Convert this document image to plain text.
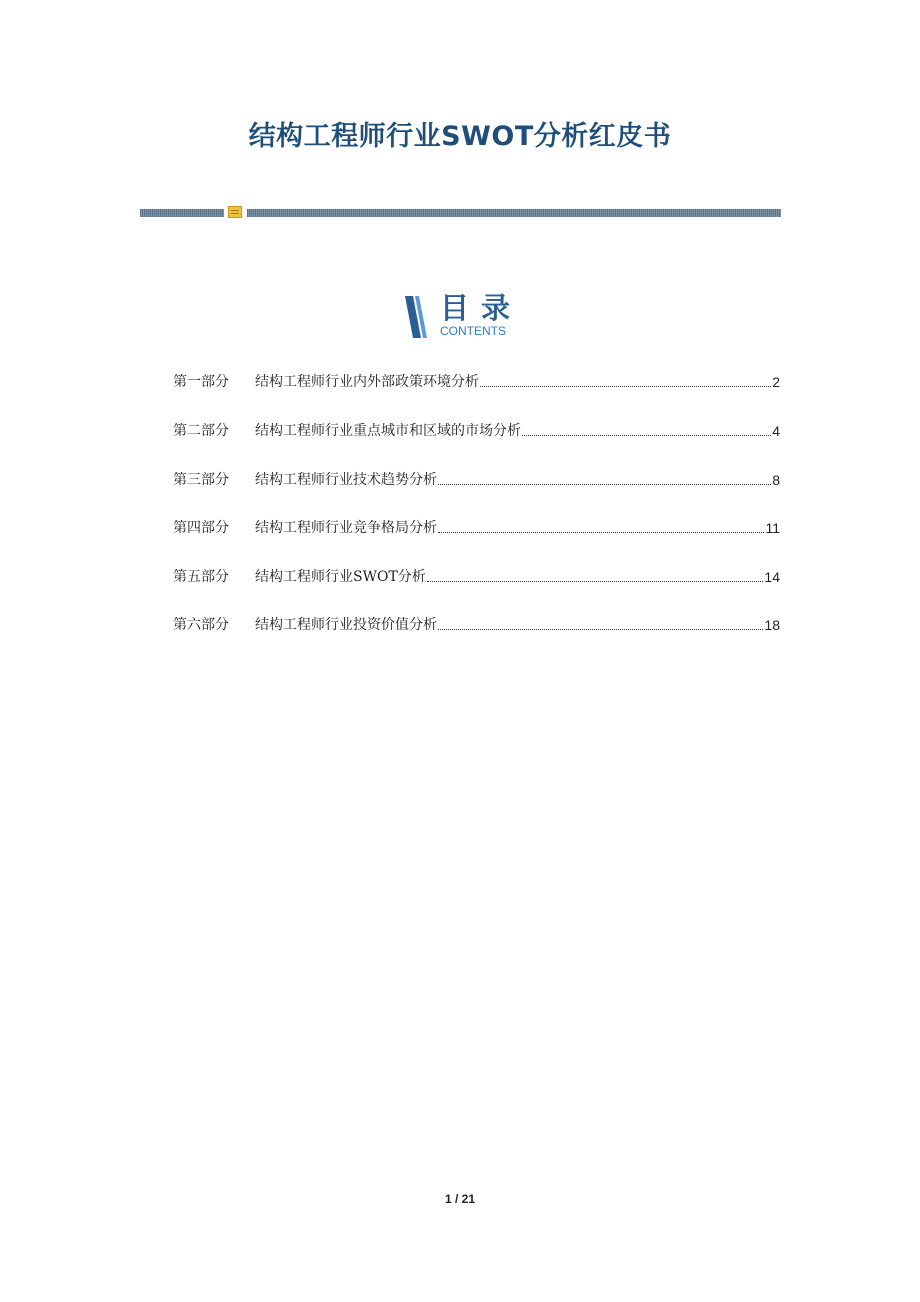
结构工程师行业SWOT分析红皮书
目录
CONTENTS
第一部分	结构工程师行业内外部政策环境分析	2
第二部分	结构工程师行业重点城市和区域的市场分析	4
第三部分	结构工程师行业技术趋势分析	8
第四部分	结构工程师行业竞争格局分析	11
第五部分	结构工程师行业SWOT分析	14
第六部分	结构工程师行业投资价值分析	18
1 / 21
